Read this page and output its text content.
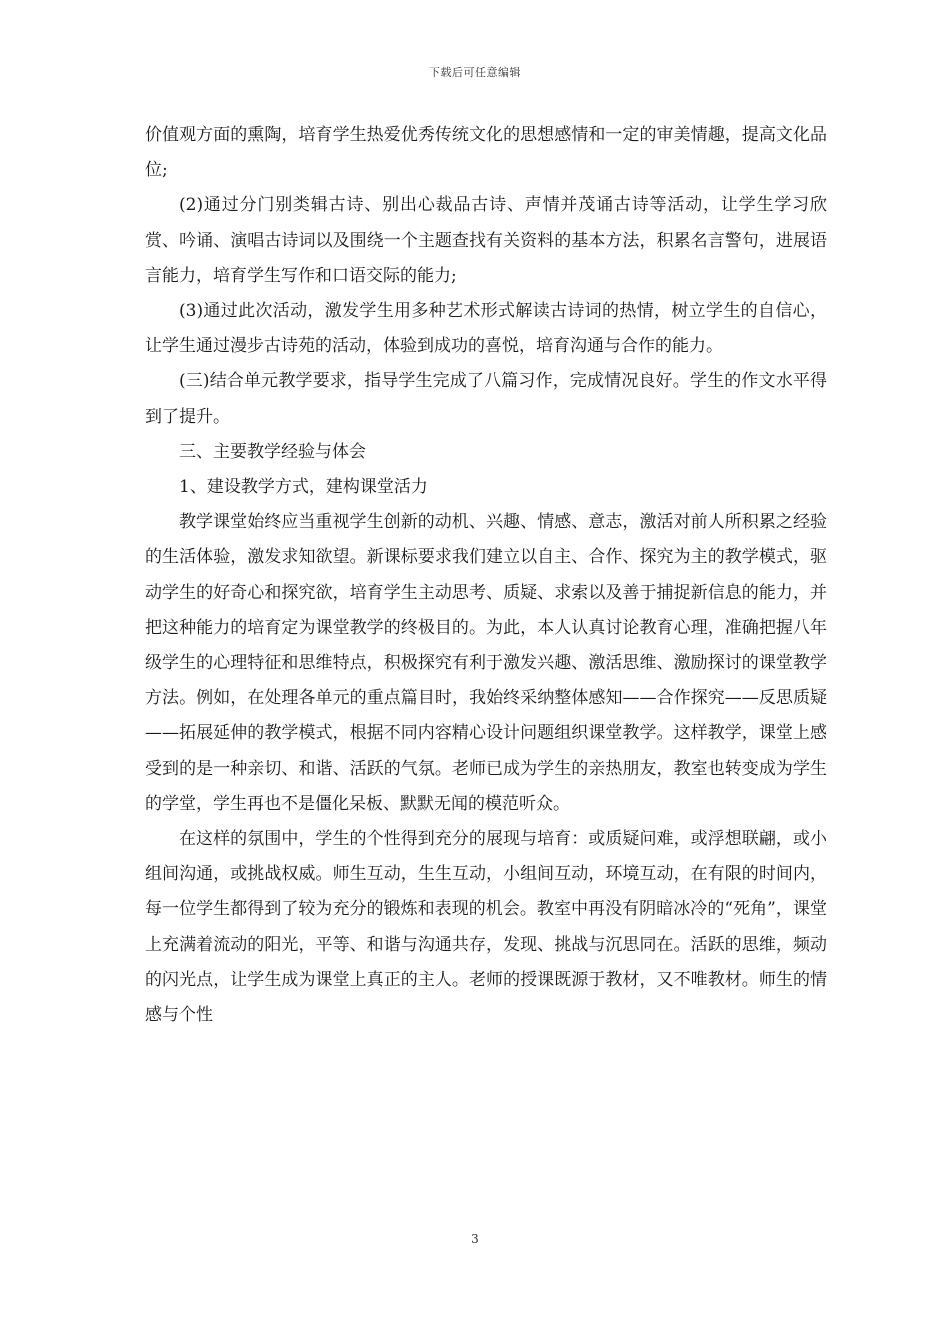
下载后可任意编辑

价值观方面的熏陶，培育学生热爱优秀传统文化的思想感情和一定的审美情趣，提高文化品位;

(2)通过分门别类辑古诗、别出心裁品古诗、声情并茂诵古诗等活动，让学生学习欣赏、吟诵、演唱古诗词以及围绕一个主题查找有关资料的基本方法，积累名言警句，进展语言能力，培育学生写作和口语交际的能力;

(3)通过此次活动，激发学生用多种艺术形式解读古诗词的热情，树立学生的自信心，让学生通过漫步古诗苑的活动，体验到成功的喜悦，培育沟通与合作的能力。

(三)结合单元教学要求，指导学生完成了八篇习作，完成情况良好。学生的作文水平得到了提升。

三、主要教学经验与体会

1、建设教学方式，建构课堂活力

教学课堂始终应当重视学生创新的动机、兴趣、情感、意志，激活对前人所积累之经验的生活体验，激发求知欲望。新课标要求我们建立以自主、合作、探究为主的教学模式，驱动学生的好奇心和探究欲，培育学生主动思考、质疑、求索以及善于捕捉新信息的能力，并把这种能力的培育定为课堂教学的终极目的。为此，本人认真讨论教育心理，准确把握八年级学生的心理特征和思维特点，积极探究有利于激发兴趣、激活思维、激励探讨的课堂教学方法。例如，在处理各单元的重点篇目时，我始终采纳整体感知——合作探究——反思质疑——拓展延伸的教学模式，根据不同内容精心设计问题组织课堂教学。这样教学，课堂上感受到的是一种亲切、和谐、活跃的气氛。老师已成为学生的亲热朋友，教室也转变成为学生的学堂，学生再也不是僵化呆板、默默无闻的模范听众。

在这样的氛围中，学生的个性得到充分的展现与培育：或质疑问难，或浮想联翩，或小组间沟通，或挑战权威。师生互动，生生互动，小组间互动，环境互动，在有限的时间内，每一位学生都得到了较为充分的锻炼和表现的机会。教室中再没有阴暗冰冷的“死角”，课堂上充满着流动的阳光，平等、和谐与沟通共存，发现、挑战与沉思同在。活跃的思维，频动的闪光点，让学生成为课堂上真正的主人。老师的授课既源于教材，又不唯教材。师生的情感与个性

3
